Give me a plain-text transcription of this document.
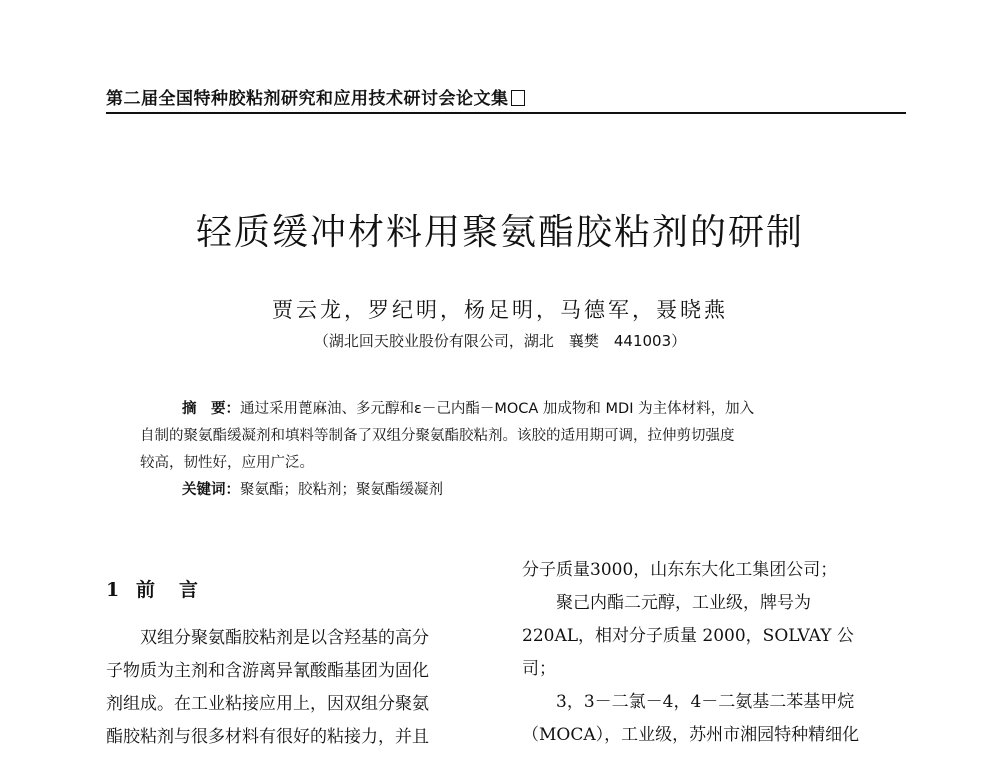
第二届全国特种胶粘剂研究和应用技术研讨会论文集
轻质缓冲材料用聚氨酯胶粘剂的研制
贾云龙，罗纪明，杨足明，马德军，聂晓燕
（湖北回天胶业股份有限公司，湖北　襄樊　441003）
摘　要：通过采用蓖麻油、多元醇和ε－己内酯－MOCA 加成物和 MDI 为主体材料，加入
自制的聚氨酯缓凝剂和填料等制备了双组分聚氨酯胶粘剂。该胶的适用期可调，拉伸剪切强度
较高，韧性好，应用广泛。
关键词：聚氨酯；胶粘剂；聚氨酯缓凝剂
1 前 言
双组分聚氨酯胶粘剂是以含羟基的高分
子物质为主剂和含游离异氰酸酯基团为固化
剂组成。在工业粘接应用上，因双组分聚氨
酯胶粘剂与很多材料有很好的粘接力，并且
分子质量3000，山东东大化工集团公司；
聚己内酯二元醇，工业级，牌号为
220AL，相对分子质量 2000，SOLVAY 公
司；
3，3－二氯－4，4－二氨基二苯基甲烷
（MOCA），工业级，苏州市湘园特种精细化
